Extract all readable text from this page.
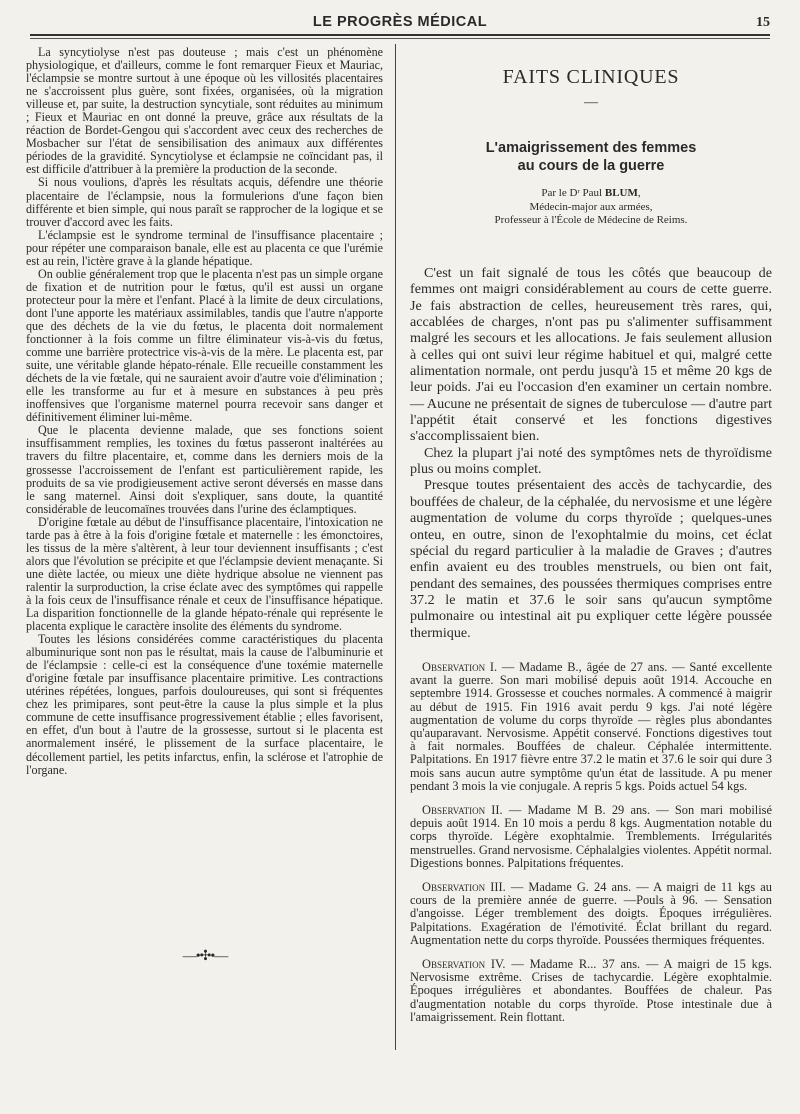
LE PROGRÈS MÉDICAL	15

La syncytiolyse n'est pas douteuse ; mais c'est un phénomène physiologique, et d'ailleurs, comme le font remarquer Fieux et Mauriac, l'éclampsie se montre surtout à une époque où les villosités placentaires ne s'accroissent plus guère, sont fixées, organisées, où la migration villeuse et, par suite, la destruction syncytiale, sont réduites au minimum ; Fieux et Mauriac en ont donné la preuve, grâce aux résultats de la réaction de Bordet-Gengou qui s'accordent avec ceux des recherches de Mosbacher sur l'état de sensibilisation des animaux aux différentes périodes de la gravidité. Syncytiolyse et éclampsie ne coïncidant pas, il est difficile d'attribuer à la première la production de la seconde.

Si nous voulions, d'après les résultats acquis, défendre une théorie placentaire de l'éclampsie, nous la formulerions d'une façon bien différente et bien simple, qui nous paraît se rapprocher de la logique et se trouver d'accord avec les faits.

L'éclampsie est le syndrome terminal de l'insuffisance placentaire ; pour répéter une comparaison banale, elle est au placenta ce que l'urémie est au rein, l'ictère grave à la glande hépatique.

On oublie généralement trop que le placenta n'est pas un simple organe de fixation et de nutrition pour le fœtus, qu'il est aussi un organe protecteur pour la mère et l'enfant. Placé à la limite de deux circulations, dont l'une apporte les matériaux assimilables, tandis que l'autre n'apporte que des déchets de la vie du fœtus, le placenta doit normalement fonctionner à la fois comme un filtre éliminateur vis-à-vis du fœtus, comme une barrière protectrice vis-à-vis de la mère. Le placenta est, par suite, une véritable glande hépato-rénale. Elle recueille constamment les déchets de la vie fœtale, qui ne sauraient avoir d'autre voie d'élimination ; elle les transforme au fur et à mesure en substances à peu près inoffensives que l'organisme maternel pourra recevoir sans danger et définitivement éliminer lui-même.

Que le placenta devienne malade, que ses fonctions soient insuffisamment remplies, les toxines du fœtus passeront inaltérées au travers du filtre placentaire, et, comme dans les derniers mois de la grossesse l'accroissement de l'enfant est particulièrement rapide, les produits de sa vie prodigieusement active seront déversés en masse dans le sang maternel. Ainsi doit s'expliquer, sans doute, la quantité considérable de leucomaïnes trouvées dans l'urine des éclamptiques.

D'origine fœtale au début de l'insuffisance placentaire, l'intoxication ne tarde pas à être à la fois d'origine fœtale et maternelle : les émonctoires, les tissus de la mère s'altèrent, à leur tour deviennent insuffisants ; c'est alors que l'évolution se précipite et que l'éclampsie devient menaçante. Si une diète lactée, ou mieux une diète hydrique absolue ne viennent pas ralentir la surproduction, la crise éclate avec des symptômes qui rappelle à la fois ceux de l'insuffisance rénale et ceux de l'insuffisance hépatique. La disparition fonctionnelle de la glande hépato-rénale qui représente le placenta explique le caractère insolite des éléments du syndrome.

Toutes les lésions considérées comme caractéristiques du placenta albuminurique sont non pas le résultat, mais la cause de l'albuminurie et de l'éclampsie : celle-ci est la conséquence d'une toxémie maternelle d'origine fœtale par insuffisance placentaire primitive. Les contractions utérines répétées, longues, parfois douloureuses, qui sont si fréquentes chez les primipares, sont peut-être la cause la plus simple et la plus commune de cette insuffisance progressivement établie ; elles favorisent, en effet, d'un bout à l'autre de la grossesse, surtout si le placenta est anormalement inséré, le plissement de la surface placentaire, le décollement partiel, les petits infarctus, enfin, la sclérose et l'atrophie de l'organe.

—•✣•—
FAITS CLINIQUES
—
L'amaigrissement des femmes
au cours de la guerre
Par le Dʳ Paul BLUM,
Médecin-major aux armées,
Professeur à l'École de Médecine de Reims.

C'est un fait signalé de tous les côtés que beaucoup de femmes ont maigri considérablement au cours de cette guerre. Je fais abstraction de celles, heureusement très rares, qui, accablées de charges, n'ont pas pu s'alimenter suffisamment malgré les secours et les allocations. Je fais seulement allusion à celles qui ont suivi leur régime habituel et qui, malgré cette alimentation normale, ont perdu jusqu'à 15 et même 20 kgs de leur poids. J'ai eu l'occasion d'en examiner un certain nombre. — Aucune ne présentait de signes de tuberculose — d'autre part l'appétit était conservé et les fonctions digestives s'accomplissaient bien.

Chez la plupart j'ai noté des symptômes nets de thyroïdisme plus ou moins complet.

Presque toutes présentaient des accès de tachycardie, des bouffées de chaleur, de la céphalée, du nervosisme et une légère augmentation de volume du corps thyroïde ; quelques-unes onteu, en outre, sinon de l'exophtalmie du moins, cet éclat spécial du regard particulier à la maladie de Graves ; d'autres enfin avaient eu des troubles menstruels, ou bien ont fait, pendant des semaines, des poussées thermiques comprises entre 37.2 le matin et 37.6 le soir sans qu'aucun symptôme pulmonaire ou intestinal ait pu expliquer cette légère poussée thermique.

Observation I. — Madame B., âgée de 27 ans. — Santé excellente avant la guerre. Son mari mobilisé depuis août 1914. Accouche en septembre 1914. Grossesse et couches normales. A commencé à maigrir au début de 1915. Fin 1916 avait perdu 9 kgs. J'ai noté légère augmentation de volume du corps thyroïde — règles plus abondantes qu'auparavant. Nervosisme. Appétit conservé. Fonctions digestives tout à fait normales. Bouffées de chaleur. Céphalée intermittente. Palpitations. En 1917 fièvre entre 37.2 le matin et 37.6 le soir qui dure 3 mois sans aucun autre symptôme qu'un état de lassitude. A pu mener pendant 3 mois la vie conjugale. A repris 5 kgs. Poids actuel 54 kgs.

Observation II. — Madame M B. 29 ans. — Son mari mobilisé depuis août 1914. En 10 mois a perdu 8 kgs. Augmentation notable du corps thyroïde. Légère exophtalmie. Tremblements. Irrégularités menstruelles. Grand nervosisme. Céphalalgies violentes. Appétit normal. Digestions bonnes. Palpitations fréquentes.

Observation III. — Madame G. 24 ans. — A maigri de 11 kgs au cours de la première année de guerre. —Pouls à 96. — Sensation d'angoisse. Léger tremblement des doigts. Époques irrégulières. Palpitations. Exagération de l'émotivité. Éclat brillant du regard. Augmentation nette du corps thyroïde. Poussées thermiques fréquentes.

Observation IV. — Madame R... 37 ans. — A maigri de 15 kgs. Nervosisme extrême. Crises de tachycardie. Légère exophtalmie. Époques irrégulières et abondantes. Bouffées de chaleur. Pas d'augmentation notable du corps thyroïde. Ptose intestinale due à l'amaigrissement. Rein flottant.
